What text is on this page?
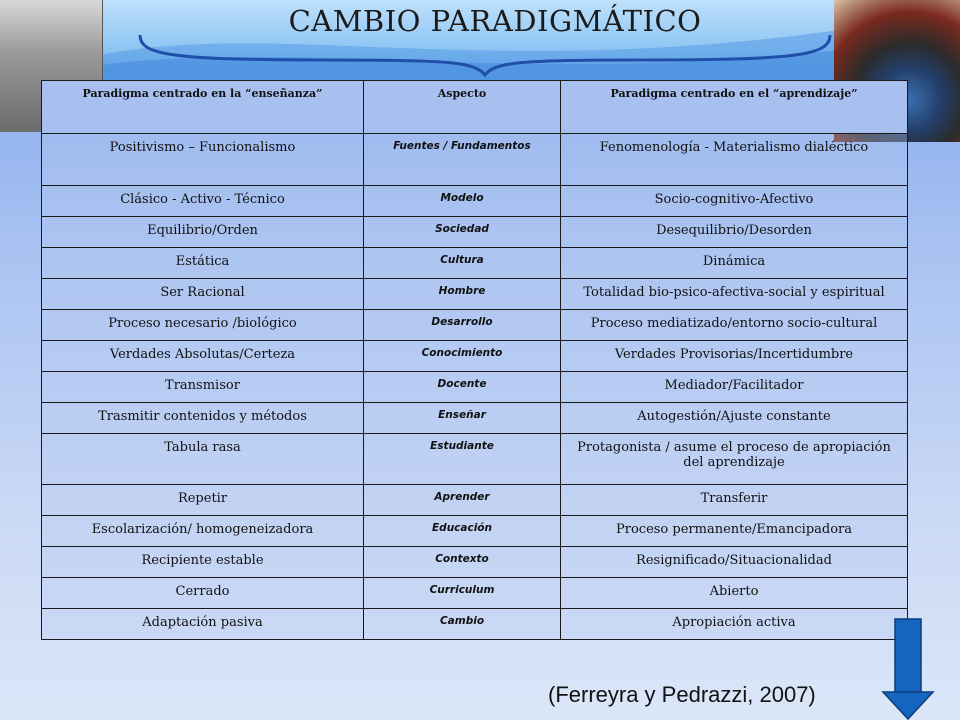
CAMBIO PARADIGMÁTICO
Paradigma centrado en la “enseñanza”	Aspecto	Paradigma centrado en el “aprendizaje”
Positivismo – Funcionalismo	Fuentes / Fundamentos	Fenomenología - Materialismo dialéctico
Clásico - Activo - Técnico	Modelo	Socio-cognitivo-Afectivo
Equilibrio/Orden	Sociedad	Desequilibrio/Desorden
Estática	Cultura	Dinámica
Ser Racional	Hombre	Totalidad bio-psico-afectiva-social y espiritual
Proceso necesario /biológico	Desarrollo	Proceso mediatizado/entorno socio-cultural
Verdades Absolutas/Certeza	Conocimiento	Verdades Provisorias/Incertidumbre
Transmisor	Docente	Mediador/Facilitador
Trasmitir contenidos y métodos	Enseñar	Autogestión/Ajuste constante
Tabula rasa	Estudiante	Protagonista / asume el proceso de apropiación del aprendizaje
Repetir	Aprender	Transferir
Escolarización/ homogeneizadora	Educación	Proceso permanente/Emancipadora
Recipiente estable	Contexto	Resignificado/Situacionalidad
Cerrado	Curriculum	Abierto
Adaptación pasiva	Cambio	Apropiación activa
(Ferreyra y Pedrazzi, 2007)
